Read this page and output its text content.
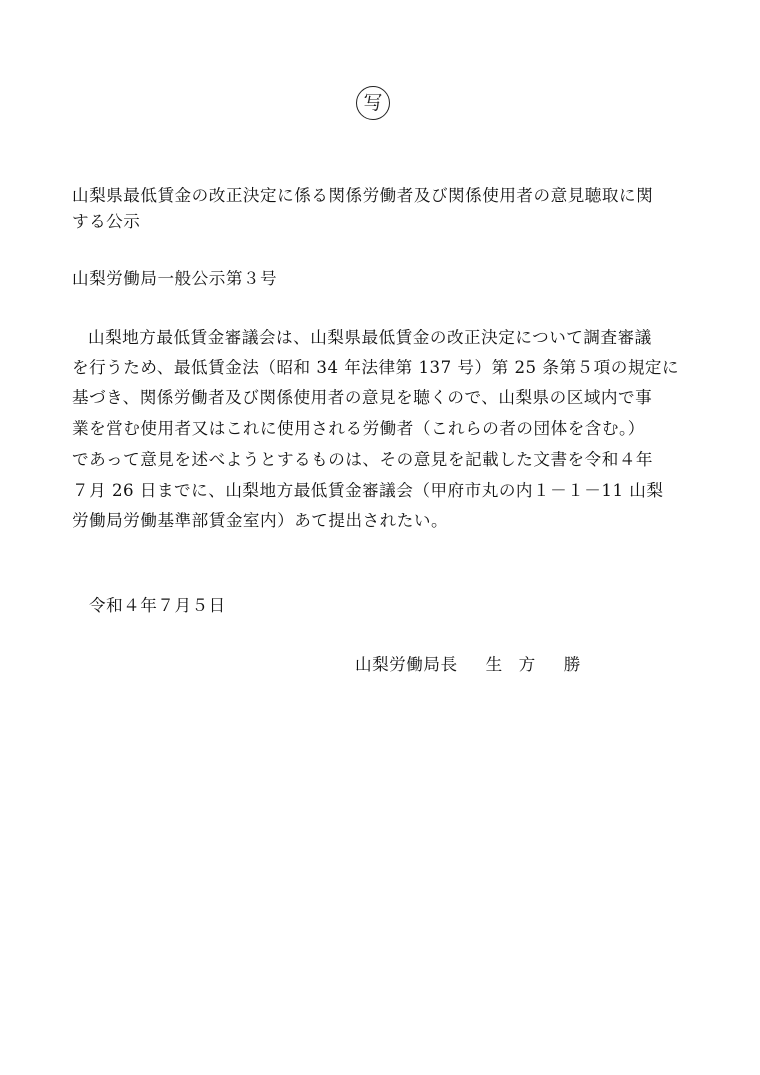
写
山梨県最低賃金の改正決定に係る関係労働者及び関係使用者の意見聴取に関
する公示
山梨労働局一般公示第３号
山梨地方最低賃金審議会は、山梨県最低賃金の改正決定について調査審議
を行うため、最低賃金法（昭和 34 年法律第 137 号）第 25 条第５項の規定に
基づき、関係労働者及び関係使用者の意見を聴くので、山梨県の区域内で事
業を営む使用者又はこれに使用される労働者（これらの者の団体を含む。）
であって意見を述べようとするものは、その意見を記載した文書を令和４年
７月 26 日までに、山梨地方最低賃金審議会（甲府市丸の内１－１－11 山梨
労働局労働基準部賃金室内）あて提出されたい。
令和４年７月５日
山梨労働局長 生 方 勝
